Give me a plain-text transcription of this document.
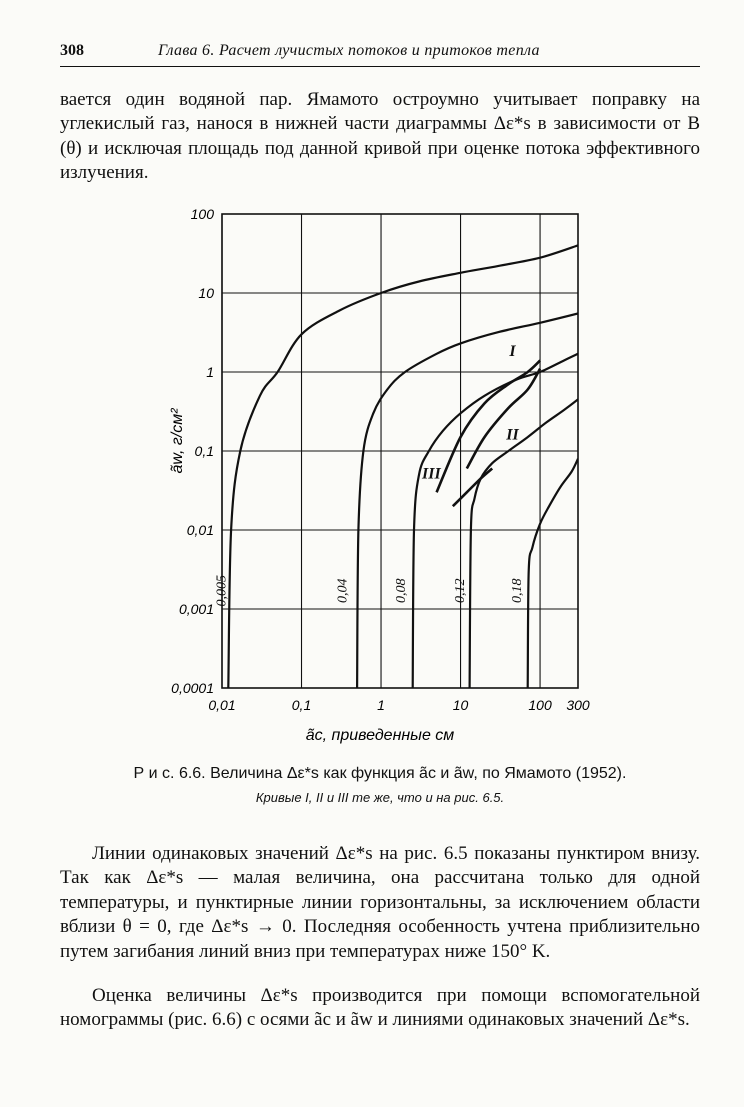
308	Глава 6. Расчет лучистых потоков и притоков тепла
вается один водяной пар. Ямамото остроумно учитывает поправку на углекислый газ, нанося в нижней части диаграммы Δε*s в зависимости от B (θ) и исключая площадь под данной кривой при оценке потока эффективного излучения.
0,01	0,1	1	10	100 300
0,0001
0,001
0,01
0,1
1
10
100
ãc, приведенные см
ãw, г/см²
0,005	0,04	0,08	0,12	0,18
I
II
III
Р и с. 6.6. Величина Δε*s как функция ãc и ãw, по Ямамото (1952).
Кривые I, II и III те же, что и на рис. 6.5.
Линии одинаковых значений Δε*s на рис. 6.5 показаны пунктиром внизу. Так как Δε*s — малая величина, она рассчитана только для одной температуры, и пунктирные линии горизонтальны, за исключением области вблизи θ = 0, где Δε*s → 0. Последняя особенность учтена приблизительно путем загибания линий вниз при температурах ниже 150° K.
Оценка величины Δε*s производится при помощи вспомогательной номограммы (рис. 6.6) с осями ãc и ãw и линиями одинаковых значений Δε*s.
